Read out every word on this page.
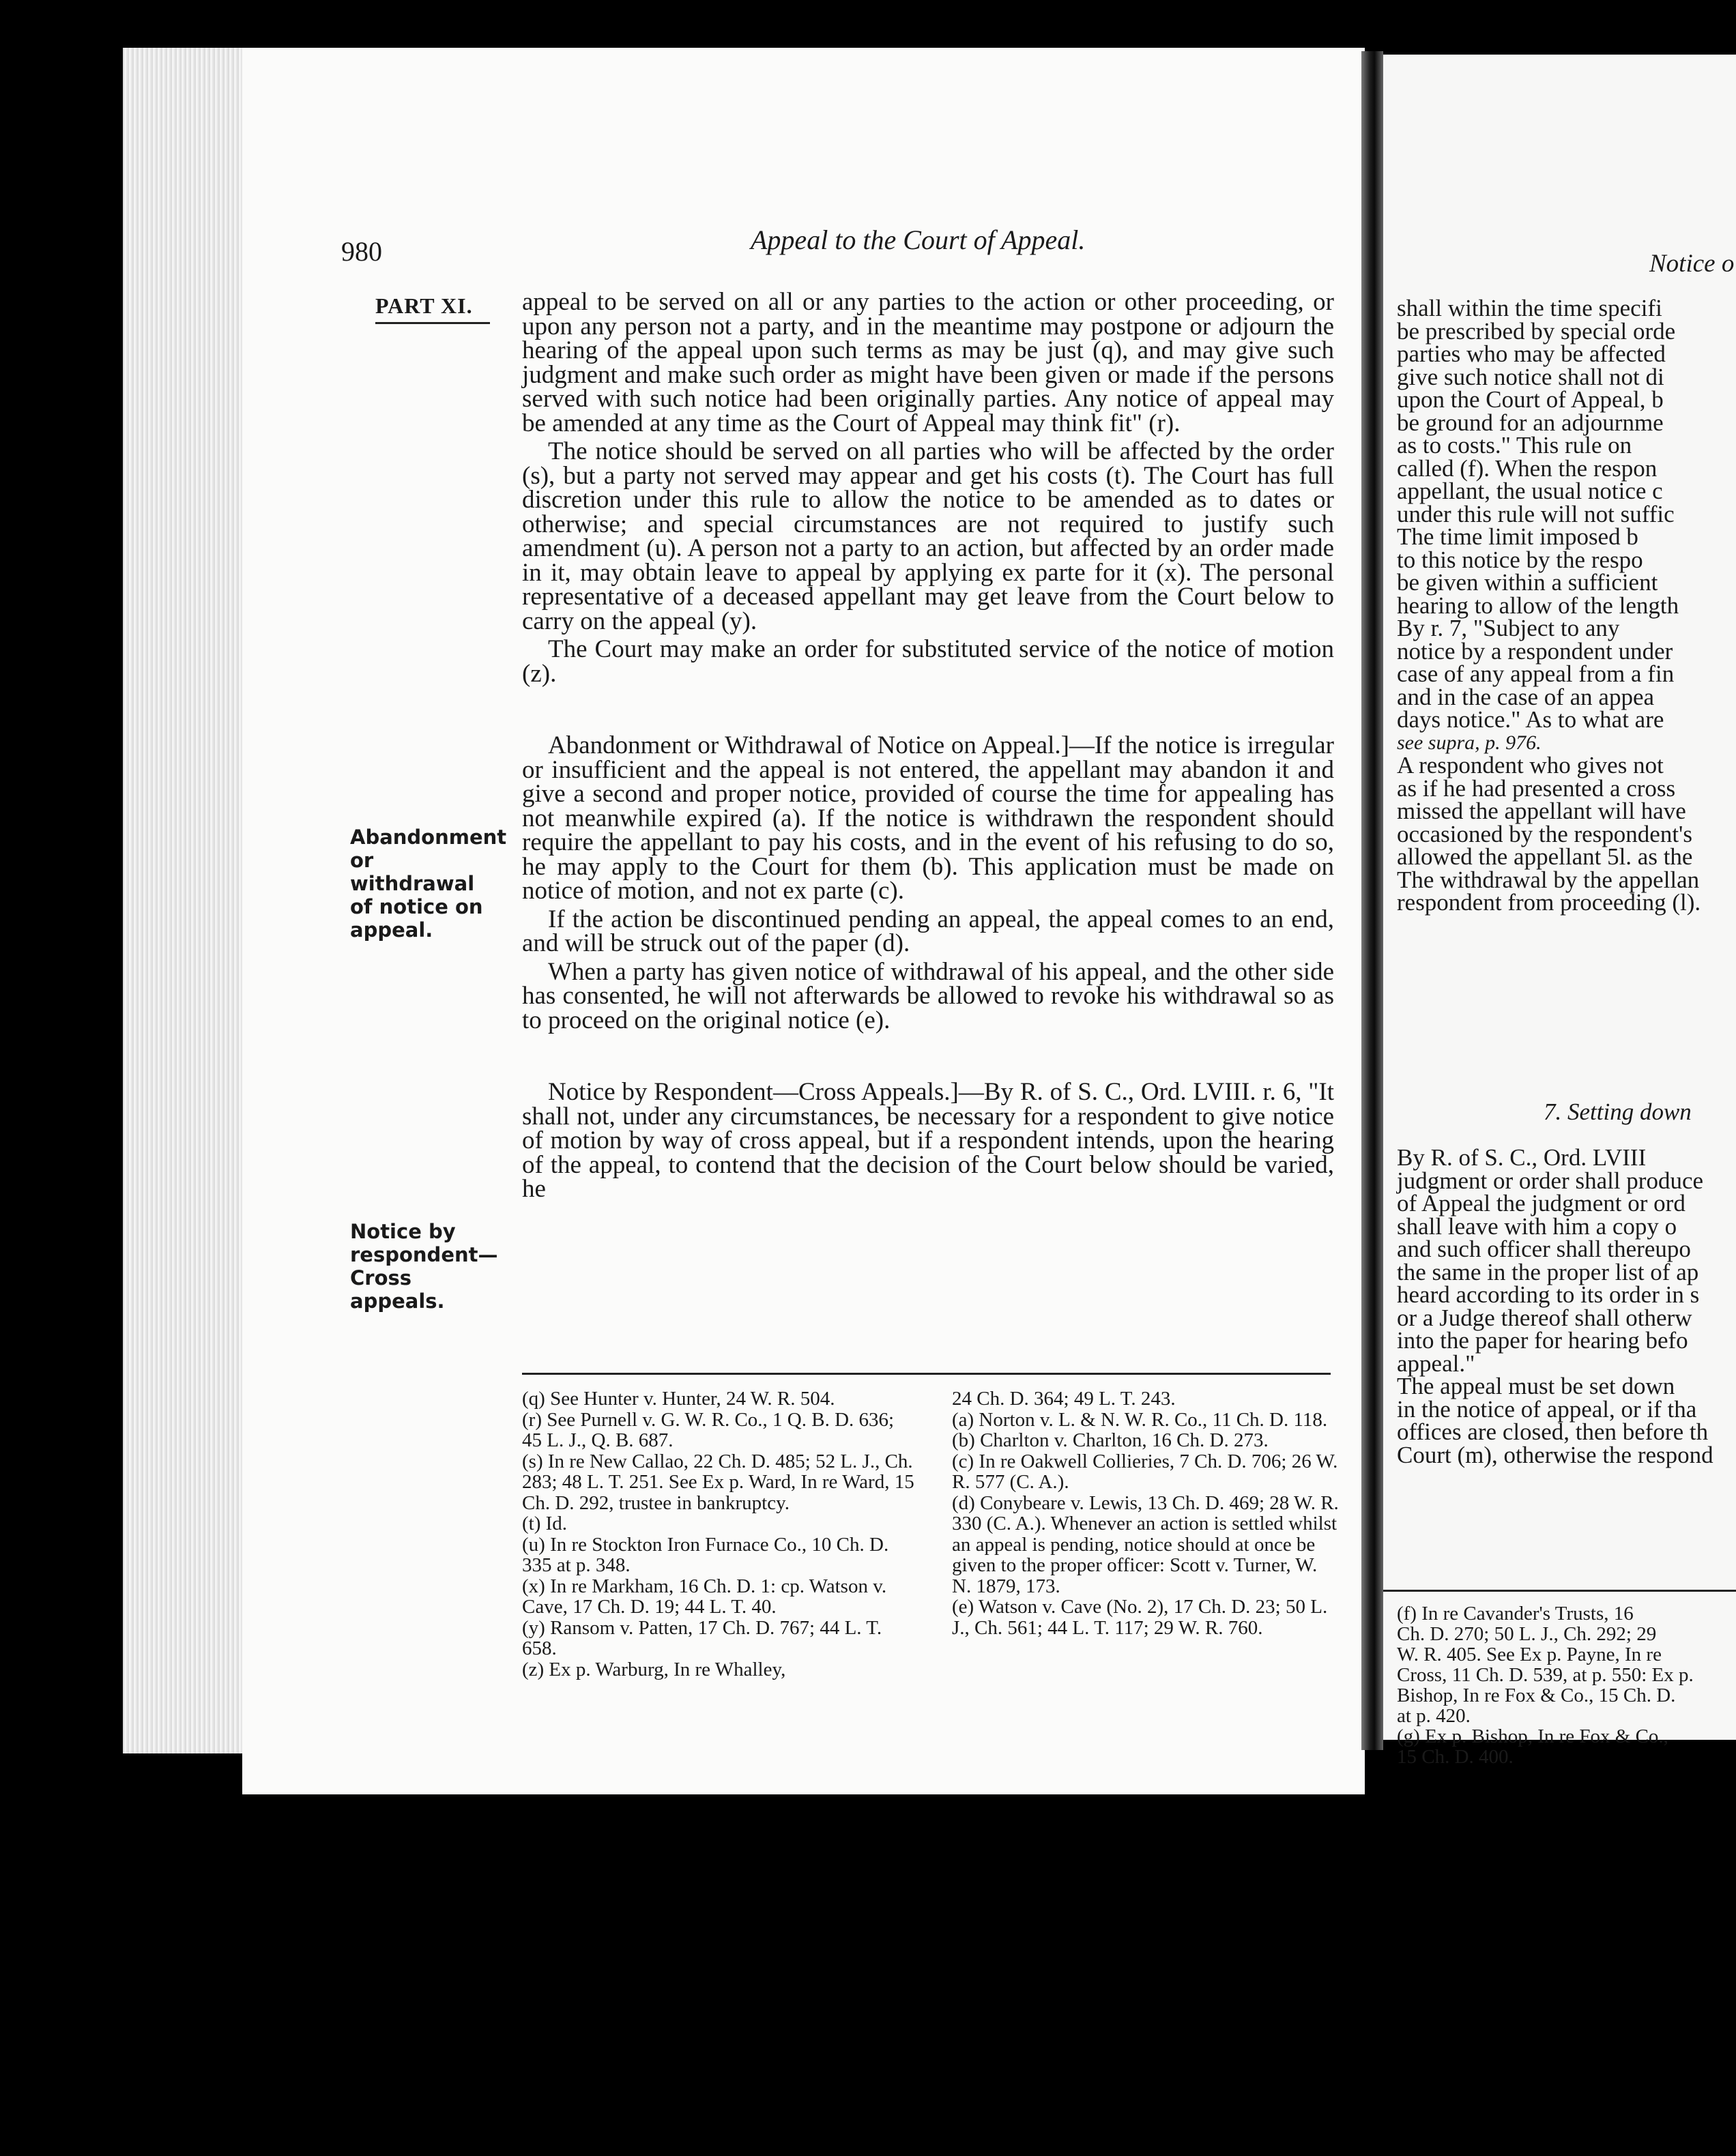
980	Appeal to the Court of Appeal.
PART XI.
Abandonment or withdrawal of notice on appeal.
Notice by respondent— Cross appeals.

appeal to be served on all or any parties to the action or other proceeding, or upon any person not a party, and in the meantime may postpone or adjourn the hearing of the appeal upon such terms as may be just (q), and may give such judgment and make such order as might have been given or made if the persons served with such notice had been originally parties. Any notice of appeal may be amended at any time as the Court of Appeal may think fit" (r).

The notice should be served on all parties who will be affected by the order (s), but a party not served may appear and get his costs (t). The Court has full discretion under this rule to allow the notice to be amended as to dates or otherwise; and special circumstances are not required to justify such amendment (u). A person not a party to an action, but affected by an order made in it, may obtain leave to appeal by applying ex parte for it (x). The personal representative of a deceased appellant may get leave from the Court below to carry on the appeal (y).

The Court may make an order for substituted service of the notice of motion (z).

Abandonment or Withdrawal of Notice on Appeal.]—If the notice is irregular or insufficient and the appeal is not entered, the appellant may abandon it and give a second and proper notice, provided of course the time for appealing has not meanwhile expired (a). If the notice is withdrawn the respondent should require the appellant to pay his costs, and in the event of his refusing to do so, he may apply to the Court for them (b). This application must be made on notice of motion, and not ex parte (c).

If the action be discontinued pending an appeal, the appeal comes to an end, and will be struck out of the paper (d).

When a party has given notice of withdrawal of his appeal, and the other side has consented, he will not afterwards be allowed to revoke his withdrawal so as to proceed on the original notice (e).

Notice by Respondent—Cross Appeals.]—By R. of S. C., Ord. LVIII. r. 6, "It shall not, under any circumstances, be necessary for a respondent to give notice of motion by way of cross appeal, but if a respondent intends, upon the hearing of the appeal, to contend that the decision of the Court below should be varied, he

(q) See Hunter v. Hunter, 24 W. R. 504.
(r) See Purnell v. G. W. R. Co., 1 Q. B. D. 636; 45 L. J., Q. B. 687.
(s) In re New Callao, 22 Ch. D. 485; 52 L. J., Ch. 283; 48 L. T. 251. See Ex p. Ward, In re Ward, 15 Ch. D. 292, trustee in bankruptcy.
(t) Id.
(u) In re Stockton Iron Furnace Co., 10 Ch. D. 335 at p. 348.
(x) In re Markham, 16 Ch. D. 1: cp. Watson v. Cave, 17 Ch. D. 19; 44 L. T. 40.
(y) Ransom v. Patten, 17 Ch. D. 767; 44 L. T. 658.
(z) Ex p. Warburg, In re Whalley,
24 Ch. D. 364; 49 L. T. 243.
(a) Norton v. L. & N. W. R. Co., 11 Ch. D. 118.
(b) Charlton v. Charlton, 16 Ch. D. 273.
(c) In re Oakwell Collieries, 7 Ch. D. 706; 26 W. R. 577 (C. A.).
(d) Conybeare v. Lewis, 13 Ch. D. 469; 28 W. R. 330 (C. A.). Whenever an action is settled whilst an appeal is pending, notice should at once be given to the proper officer: Scott v. Turner, W. N. 1879, 173.
(e) Watson v. Cave (No. 2), 17 Ch. D. 23; 50 L. J., Ch. 561; 44 L. T. 117; 29 W. R. 760.
Notice o
shall within the time specifi
be prescribed by special orde
parties who may be affected
give such notice shall not di
upon the Court of Appeal, b
be ground for an adjournme
as to costs." This rule on
called (f). When the respon
appellant, the usual notice c
under this rule will not suffic
The time limit imposed b
to this notice by the respo
be given within a sufficient
hearing to allow of the length
By r. 7, "Subject to any
notice by a respondent under
case of any appeal from a fin
and in the case of an appea
days notice." As to what are
see supra, p. 976.
A respondent who gives not
as if he had presented a cross
missed the appellant will have
occasioned by the respondent's
allowed the appellant 5l. as the
The withdrawal by the appellan
respondent from proceeding (l).
7. Setting down
By R. of S. C., Ord. LVIII
judgment or order shall produce
of Appeal the judgment or ord
shall leave with him a copy o
and such officer shall thereupo
the same in the proper list of ap
heard according to its order in s
or a Judge thereof shall otherw
into the paper for hearing befo
appeal."
The appeal must be set down
in the notice of appeal, or if tha
offices are closed, then before th
Court (m), otherwise the respond
(f) In re Cavander's Trusts, 16
Ch. D. 270; 50 L. J., Ch. 292; 29
W. R. 405. See Ex p. Payne, In re
Cross, 11 Ch. D. 539, at p. 550: Ex p.
Bishop, In re Fox & Co., 15 Ch. D.
at p. 420.
(g) Ex p. Bishop, In re Fox & Co.,
15 Ch. D. 400.
